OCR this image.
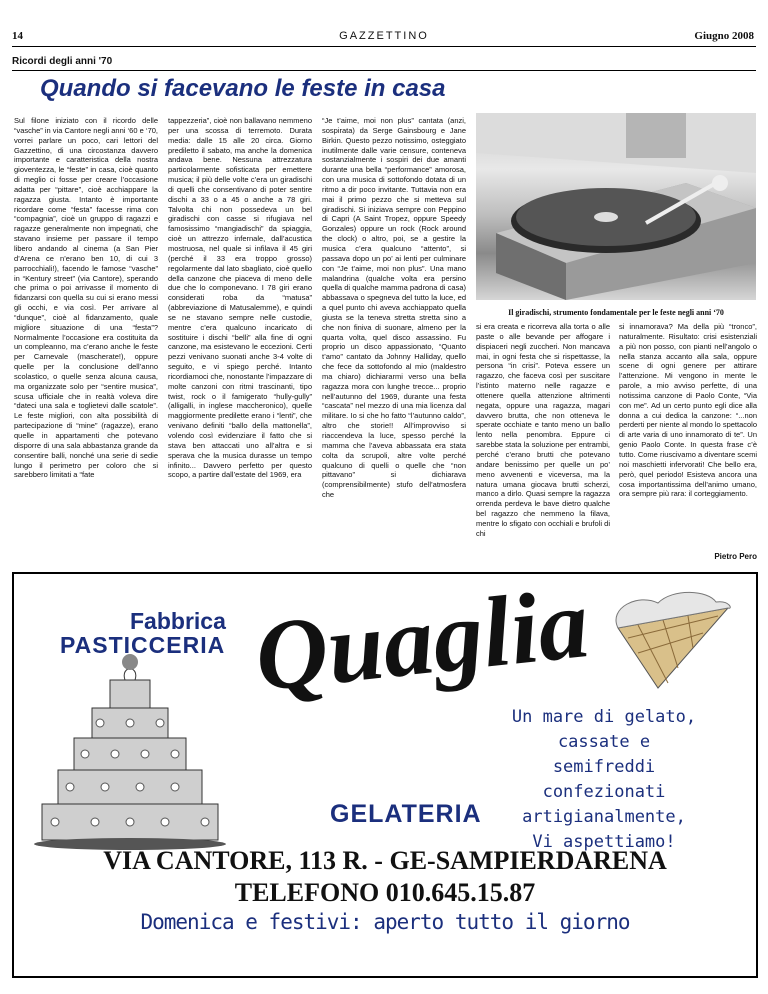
14	GAZZETTINO	Giugno 2008
Ricordi degli anni '70
Quando si facevano le feste in casa

Sul filone iniziato con il ricordo delle “vasche” in via Cantore negli anni ‘60 e ‘70, vorrei parlare un poco, cari lettori del Gazzettino, di una circostanza davvero importante e caratteristica della nostra gioventezza, le “feste” in casa, cioè quanto di meglio ci fosse per creare l’occasione adatta per “pittare”, cioè acchiappare la ragazza giusta. Intanto è importante ricordare come “festa” facesse rima con “compagnia”, cioè un gruppo di ragazzi e ragazze generalmente non impegnati, che stavano insieme per passare il tempo libero andando al cinema (a San Pier d’Arena ce n’erano ben 10, di cui 3 parrocchiali!), facendo le famose “vasche” in “Kentury street” (via Cantore), sperando che prima o poi arrivasse il momento di fidanzarsi con quella su cui si erano messi gli occhi, e via così. Per arrivare al “dunque”, cioè al fidanzamento, quale migliore situazione di una “festa”? Normalmente l’occasione era costituita da un compleanno, ma c’erano anche le feste per Carnevale (mascherate!), oppure quelle per la conclusione dell’anno scolastico, o quelle senza alcuna causa, ma organizzate solo per “sentire musica”, scusa ufficiale che in realtà voleva dire “dateci una sala e toglietevi dalle scatole”. Le feste migliori, con alta possibilità di partecipazione di “mine” (ragazze), erano quelle in appartamenti che potevano disporre di una sala abbastanza grande da consentire balli, nonché una serie di sedie lungo il perimetro per coloro che si sarebbero limitati a “fate

tappezzeria”, cioè non ballavano nemmeno per una scossa di terremoto. Durata media: dalle 15 alle 20 circa. Giorno prediletto il sabato, ma anche la domenica andava bene. Nessuna attrezzatura particolarmente sofisticata per emettere musica; il più delle volte c’era un giradischi di quelli che consentivano di poter sentire dischi a 33 o a 45 o anche a 78 giri. Talvolta chi non possedeva un bel giradischi con casse si rifugiava nel famosissimo “mangiadischi” da spiaggia, cioè un attrezzo infernale, dall’acustica mostruosa, nel quale si infilava il 45 giri (perché il 33 era troppo grosso) regolarmente dal lato sbagliato, cioè quello della canzone che piaceva di meno delle due che lo componevano. I 78 giri erano considerati roba da “matusa” (abbreviazione di Matusalemme), e quindi se ne stavano sempre nelle custodie, mentre c’era qualcuno incaricato di sostituire i dischi “belli” alla fine di ogni canzone, ma esistevano le eccezioni. Certi pezzi venivano suonati anche 3-4 volte di seguito, e vi spiego perché. Intanto ricordiamoci che, nonostante l’impazzare di molte canzoni con ritmi trascinanti, tipo twist, rock o il famigerato “hully-gully” (alligalli, in inglese maccheronico), quelle maggiormente predilette erano i “lenti”, che venivano definiti “ballo della mattonella”, volendo così evidenziare il fatto che si stava ben attaccati uno all’altra e si sperava che la musica durasse un tempo infinito... Davvero perfetto per questo scopo, a partire dall’estate del 1969, era

“Je t’aime, moi non plus” cantata (anzi, sospirata) da Serge Gainsbourg e Jane Birkin. Questo pezzo notissimo, osteggiato inutilmente dalle varie censure, conteneva sostanzialmente i sospiri dei due amanti durante una bella “performance” amorosa, con una musica di sottofondo dotata di un ritmo a dir poco invitante. Tuttavia non era mai il primo pezzo che si metteva sul giradischi. Si iniziava sempre con Peppino di Capri (A Saint Tropez, oppure Speedy Gonzales) oppure un rock (Rock around the clock) o altro, poi, se a gestire la musica c’era qualcuno “attento”, si passava dopo un po’ ai lenti per culminare con “Je t’aime, moi non plus”. Una mano malandrina (qualche volta era persino quella di qualche mamma padrona di casa) abbassava o spegneva del tutto la luce, ed a quel punto chi aveva acchiappato quella giusta se la teneva stretta stretta sino a che non finiva di suonare, almeno per la quarta volta, quel disco assassino. Fu proprio un disco appassionato, “Quanto t’amo” cantato da Johnny Halliday, quello che fece da sottofondo al mio (maldestro ma chiaro) dichiararmi verso una bella ragazza mora con lunghe trecce... proprio nell’autunno del 1969, durante una festa “cascata” nel mezzo di una mia licenza dal militare. Io si che ho fatto “l’autunno caldo”, altro che storie!! All’improvviso si riaccendeva la luce, spesso perché la mamma che l’aveva abbassata era stata colta da scrupoli, altre volte perché qualcuno di quelli o quelle che “non pittavano” si dichiarava (comprensibilmente) stufo dell’atmosfera che

Il giradischi, strumento fondamentale per le feste negli anni ‘70

si era creata e ricorreva alla torta o alle paste o alle bevande per affogare i dispiaceri negli zuccheri. Non mancava mai, in ogni festa che si rispettasse, la persona “in crisi”. Poteva essere un ragazzo, che faceva così per suscitare l’istinto materno nelle ragazze e ottenere quella attenzione altrimenti negata, oppure una ragazza, magari davvero brutta, che non otteneva le sperate occhiate e tanto meno un ballo lento nella penombra. Eppure ci sarebbe stata la soluzione per entrambi, perché c’erano brutti che potevano andare benissimo per quelle un po’ meno avvenenti e viceversa, ma la natura umana giocava brutti scherzi, manco a dirlo. Quasi sempre la ragazza orrenda perdeva le bave dietro qualche bel ragazzo che nemmeno la filava, mentre lo sfigato con occhiali e brufoli di chi

si innamorava? Ma della più “tronco”, naturalmente. Risultato: crisi esistenziali a più non posso, con pianti nell’angolo o nella stanza accanto alla sala, oppure scene di ogni genere per attirare l’attenzione. Mi vengono in mente le parole, a mio avviso perfette, di una notissima canzone di Paolo Conte, “Via con me”. Ad un certo punto egli dice alla donna a cui dedica la canzone: “...non perderti per niente al mondo lo spettacolo di arte varia di uno innamorato di te”. Un genio Paolo Conte. In questa frase c’è tutto. Come riuscivamo a diventare scemi noi maschietti infervorati! Che bello era, però, quel periodo! Esisteva ancora una cosa importantissima dell’animo umano, ora sempre più rara: il corteggiamento.

Pietro Pero
Fabbrica
PASTICCERIA Quaglia
GELATERIA
Un mare di gelato,
cassate e semifreddi
confezionati
artigianalmente,
Vi aspettiamo!
VIA CANTORE, 113 R. - GE-SAMPIERDARENA
TELEFONO 010.645.15.87
Domenica e festivi: aperto tutto il giorno
